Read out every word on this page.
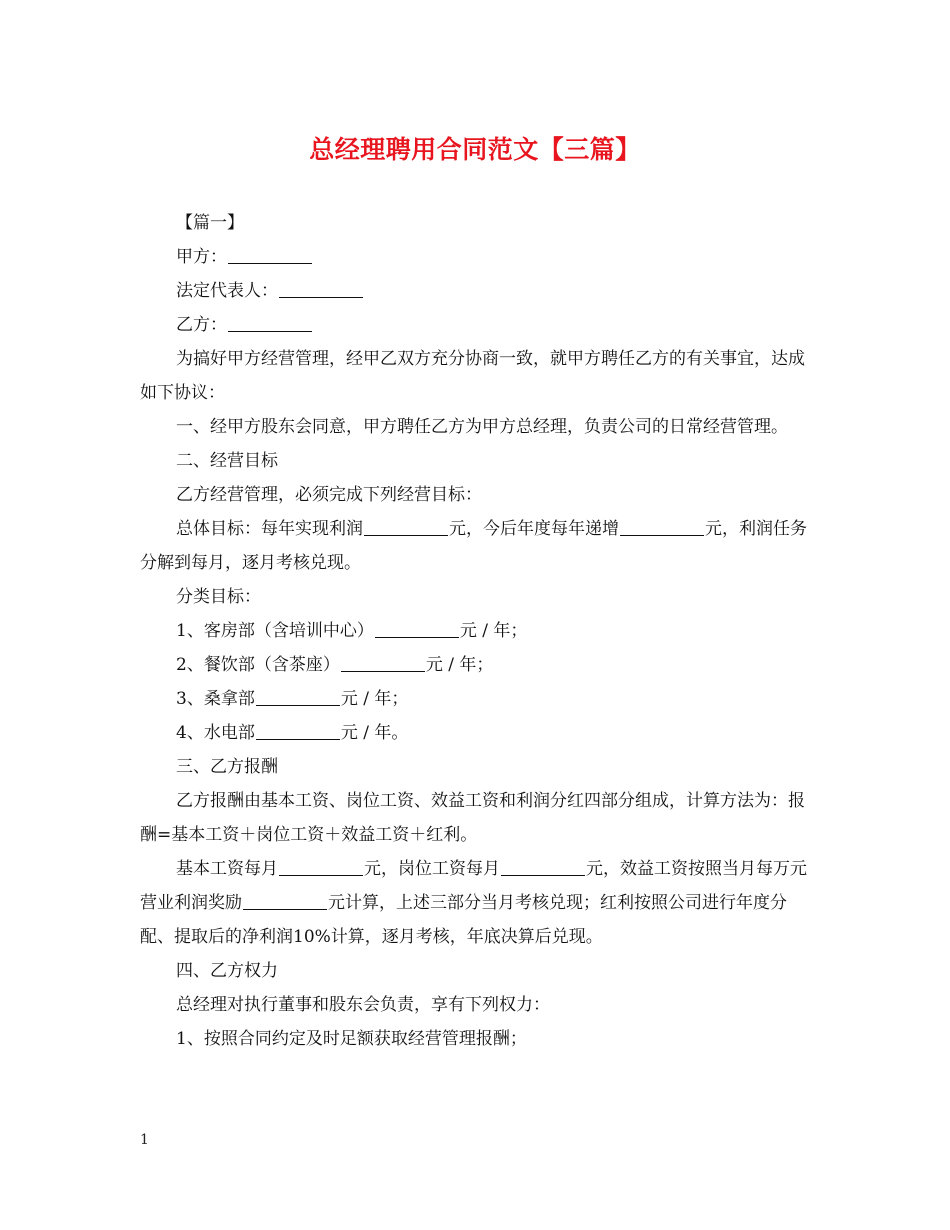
总经理聘用合同范文【三篇】

【篇一】

甲方：

法定代表人：

乙方：

为搞好甲方经营管理，经甲乙双方充分协商一致，就甲方聘任乙方的有关事宜，达成如下协议：

一、经甲方股东会同意，甲方聘任乙方为甲方总经理，负责公司的日常经营管理。

二、经营目标

乙方经营管理，必须完成下列经营目标：

总体目标：每年实现利润	元，今后年度每年递增	元，利润任务分解到每月，逐月考核兑现。

分类目标：

1、客房部（含培训中心）	元 / 年；

2、餐饮部（含茶座）	元 / 年；

3、桑拿部	元 / 年；

4、水电部	元 / 年。

三、乙方报酬

乙方报酬由基本工资、岗位工资、效益工资和利润分红四部分组成，计算方法为：报酬=基本工资＋岗位工资＋效益工资＋红利。

基本工资每月	元，岗位工资每月	元，效益工资按照当月每万元营业利润奖励	元计算，上述三部分当月考核兑现；红利按照公司进行年度分配、提取后的净利润10%计算，逐月考核，年底决算后兑现。

四、乙方权力

总经理对执行董事和股东会负责，享有下列权力：

1、按照合同约定及时足额获取经营管理报酬；

1
